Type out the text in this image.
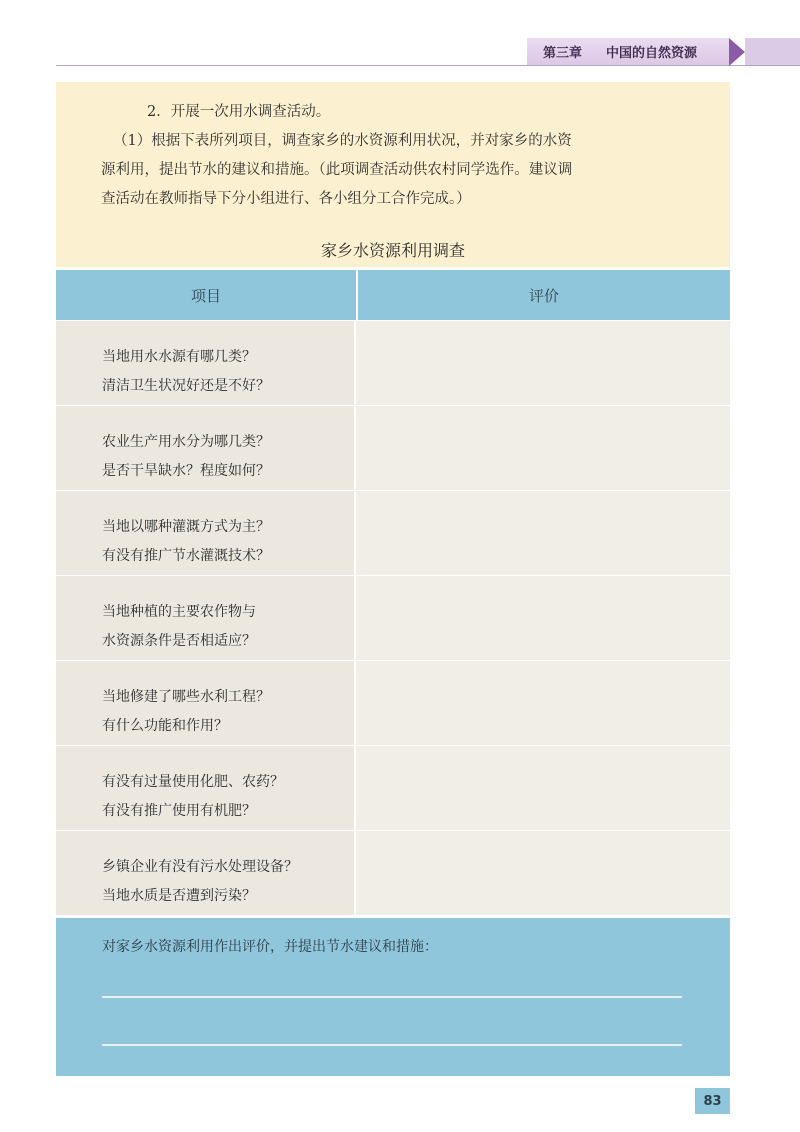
第三章 中国的自然资源

2．开展一次用水调查活动。

（1）根据下表所列项目，调查家乡的水资源利用状况，并对家乡的水资

源利用，提出节水的建议和措施。（此项调查活动供农村同学选作。建议调

查活动在教师指导下分小组进行、各小组分工合作完成。）

家乡水资源利用调查
项目	评价
当地用水水源有哪几类？
清洁卫生状况好还是不好？
农业生产用水分为哪几类？
是否干旱缺水？程度如何？
当地以哪种灌溉方式为主？
有没有推广节水灌溉技术？
当地种植的主要农作物与
水资源条件是否相适应？
当地修建了哪些水利工程？
有什么功能和作用？
有没有过量使用化肥、农药？
有没有推广使用有机肥？
乡镇企业有没有污水处理设备？
当地水质是否遭到污染？
对家乡水资源利用作出评价，并提出节水建议和措施：
83
